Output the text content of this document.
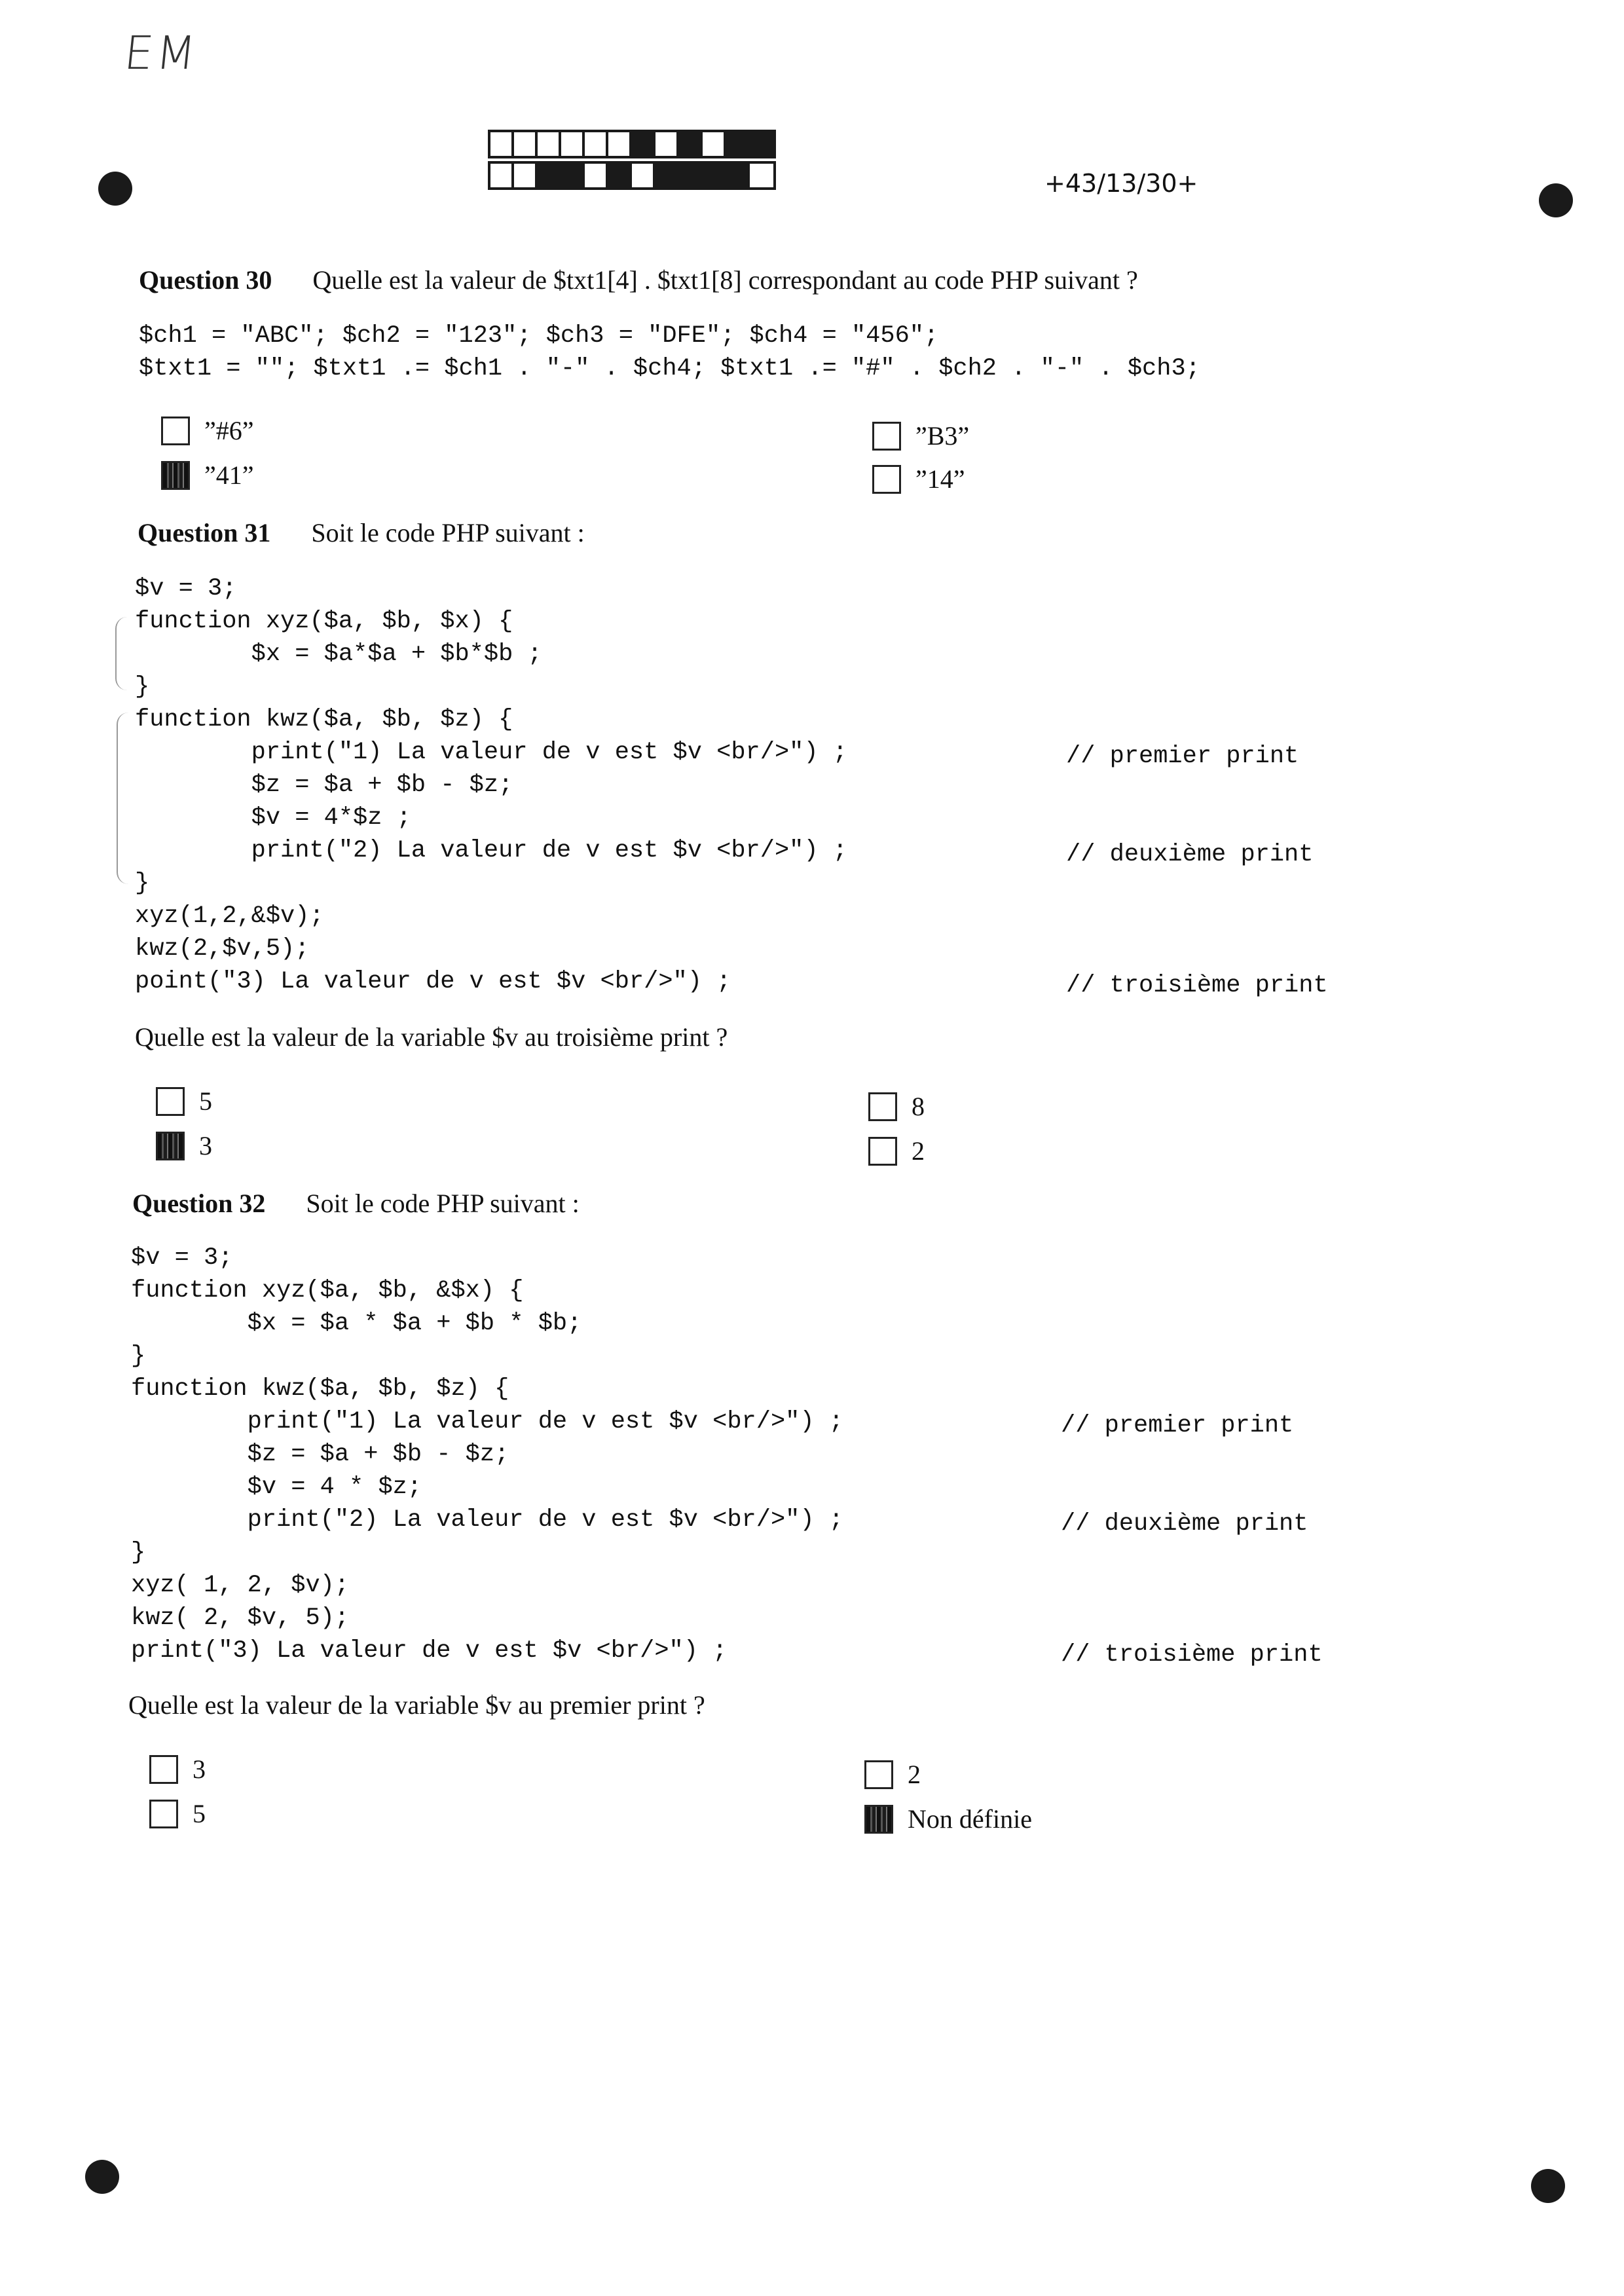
EM
+43/13/30+
Question 30 Quelle est la valeur de $txt1[4] . $txt1[8] correspondant au code PHP suivant ?
$ch1 = "ABC"; $ch2 = "123"; $ch3 = "DFE"; $ch4 = "456";
$txt1 = ""; $txt1 .= $ch1 . "-" . $ch4; $txt1 .= "#" . $ch2 . "-" . $ch3;
”#6”
”41”
”B3”
”14”
Question 31 Soit le code PHP suivant :
$v = 3;
function xyz($a, $b, $x) {
$x = $a*$a + $b*$b ;
}
function kwz($a, $b, $z) {
print("1) La valeur de v est $v <br/>") ;
$z = $a + $b - $z;
$v = 4*$z ;
print("2) La valeur de v est $v <br/>") ;
}
xyz(1,2,&$v);
kwz(2,$v,5);
point("3) La valeur de v est $v <br/>") ;
// premier print
// deuxième print
// troisième print
Quelle est la valeur de la variable $v au troisième print ?
5
3
8
2
Question 32 Soit le code PHP suivant :
$v = 3;
function xyz($a, $b, &$x) {
$x = $a * $a + $b * $b;
}
function kwz($a, $b, $z) {
print("1) La valeur de v est $v <br/>") ;
$z = $a + $b - $z;
$v = 4 * $z;
print("2) La valeur de v est $v <br/>") ;
}
xyz( 1, 2, $v);
kwz( 2, $v, 5);
print("3) La valeur de v est $v <br/>") ;
// premier print
// deuxième print
// troisième print
Quelle est la valeur de la variable $v au premier print ?
3
5
2
Non définie
